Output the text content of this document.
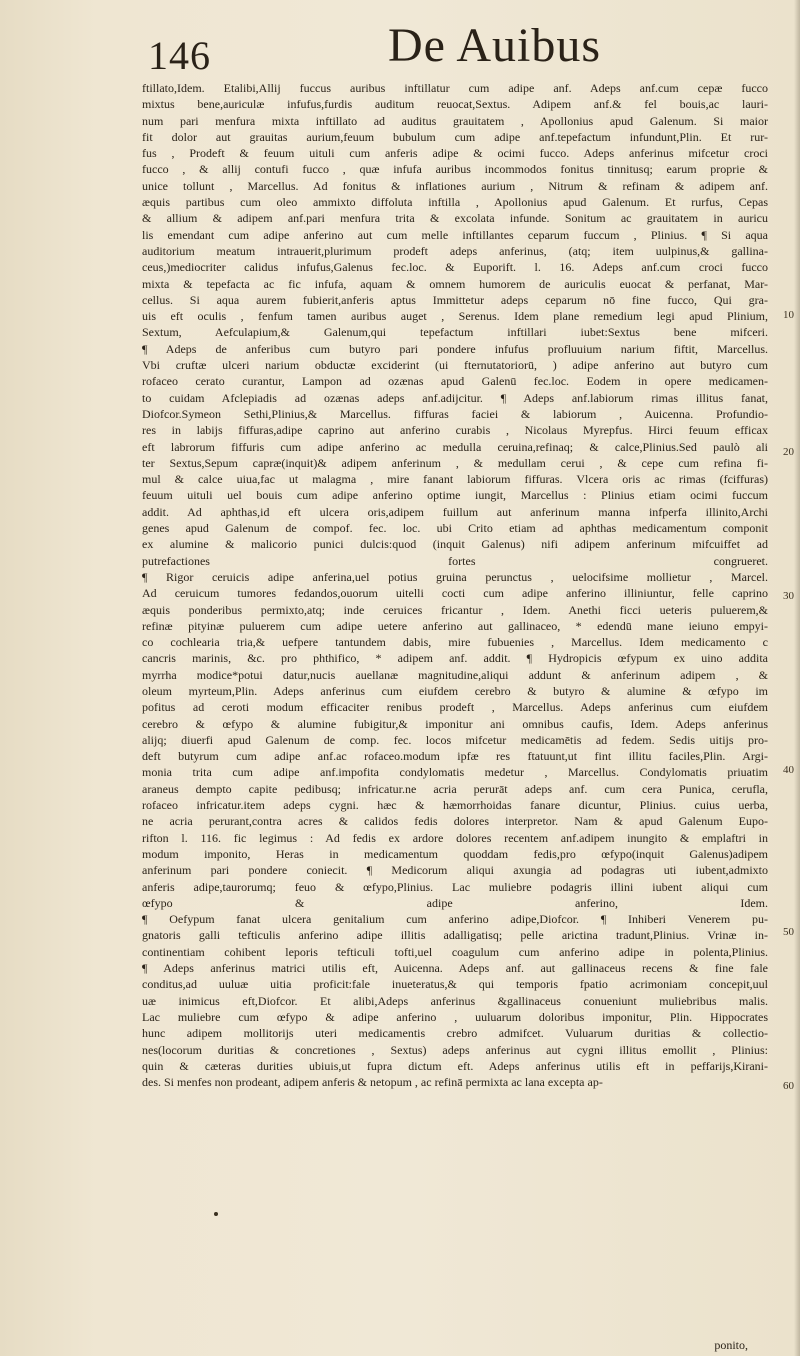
146	De Auibus
ftillato,Idem. Etalibi,Allij fuccus auribus inftillatur cum adipe anf. Adeps anf.cum cepæ fucco
mixtus bene,auriculæ infufus,furdis auditum reuocat,Sextus. Adipem anf.& fel bouis,ac lauri-
num pari menfura mixta inftillato ad auditus grauitatem , Apollonius apud Galenum. Si maior
fit dolor aut grauitas aurium,feuum bubulum cum adipe anf.tepefactum infundunt,Plin. Et rur-
fus , Prodeft & feuum uituli cum anferis adipe & ocimi fucco. Adeps anferinus mifcetur croci
fucco , & allij contufi fucco , quæ infufa auribus incommodos fonitus tinnitusq; earum proprie &
unice tollunt , Marcellus. Ad fonitus & inflationes aurium , Nitrum & refinam & adipem anf.
æquis partibus cum oleo ammixto diffoluta inftilla , Apollonius apud Galenum. Et rurfus, Cepas
& allium & adipem anf.pari menfura trita & excolata infunde. Sonitum ac grauitatem in auricu
lis emendant cum adipe anferino aut cum melle inftillantes ceparum fuccum , Plinius. ¶ Si aqua
auditorium meatum intrauerit,plurimum prodeft adeps anferinus, (atq; item uulpinus,& gallina-
ceus,)mediocriter calidus infufus,Galenus fec.loc. & Euporift. l. 16. Adeps anf.cum croci fucco
mixta & tepefacta ac fic infufa, aquam & omnem humorem de auriculis euocat & perfanat, Mar-
cellus. Si aqua aurem fubierit,anferis aptus Immittetur adeps ceparum nō fine fucco, Qui gra-
uis eft oculis , fenfum tamen auribus auget , Serenus. Idem plane remedium legi apud Plinium,
Sextum, Aefculapium,& Galenum,qui tepefactum inftillari iubet:Sextus bene mifceri.
¶ Adeps de anferibus cum butyro pari pondere infufus profluuium narium fiftit, Marcellus.
Vbi cruftæ ulceri narium obductæ exciderint (ui fternutatoriorū, ) adipe anferino aut butyro cum
rofaceo cerato curantur, Lampon ad ozænas apud Galenū fec.loc. Eodem in opere medicamen-
to cuidam Afclepiadis ad ozænas adeps anf.adijcitur. ¶ Adeps anf.labiorum rimas illitus fanat,
Diofcor.Symeon Sethi,Plinius,& Marcellus. fiffuras faciei & labiorum , Auicenna. Profundio-
res in labijs fiffuras,adipe caprino aut anferino curabis , Nicolaus Myrepfus. Hirci feuum efficax
eft labrorum fiffuris cum adipe anferino ac medulla ceruina,refinaq; & calce,Plinius.Sed paulò ali
ter Sextus,Sepum capræ(inquit)& adipem anferinum , & medullam cerui , & cepe cum refina fi-
mul & calce uiua,fac ut malagma , mire fanant labiorum fiffuras. Vlcera oris ac rimas (fciffuras)
feuum uituli uel bouis cum adipe anferino optime iungit, Marcellus : Plinius etiam ocimi fuccum
addit. Ad aphthas,id eft ulcera oris,adipem fuillum aut anferinum manna infperfa illinito,Archi
genes apud Galenum de compof. fec. loc. ubi Crito etiam ad aphthas medicamentum componit
ex alumine & malicorio punici dulcis:quod (inquit Galenus) nifi adipem anferinum mifcuiffet ad
putrefactiones fortes congrueret.
¶ Rigor ceruicis adipe anferina,uel potius gruina perunctus , uelocifsime mollietur , Marcel.
Ad ceruicum tumores fedandos,ouorum uitelli cocti cum adipe anferino illiniuntur, felle caprino
æquis ponderibus permixto,atq; inde ceruices fricantur , Idem. Anethi ficci ueteris puluerem,&
refinæ pityinæ puluerem cum adipe uetere anferino aut gallinaceo, * edendū mane ieiuno empyi-
co cochlearia tria,& uefpere tantundem dabis, mire fubuenies , Marcellus. Idem medicamento c
cancris marinis, &c. pro phthifico, * adipem anf. addit. ¶ Hydropicis œfypum ex uino addita
myrrha modice*potui datur,nucis auellanæ magnitudine,aliqui addunt & anferinum adipem , &
oleum myrteum,Plin. Adeps anferinus cum eiufdem cerebro & butyro & alumine & œfypo im
pofitus ad ceroti modum efficaciter renibus prodeft , Marcellus. Adeps anferinus cum eiufdem
cerebro & œfypo & alumine fubigitur,& imponitur ani omnibus caufis, Idem. Adeps anferinus
alijq; diuerfi apud Galenum de comp. fec. locos mifcetur medicamētis ad fedem. Sedis uitijs pro-
deft butyrum cum adipe anf.ac rofaceo.modum ipfæ res ftatuunt,ut fint illitu faciles,Plin. Argi-
monia trita cum adipe anf.impofita condylomatis medetur , Marcellus. Condylomatis priuatim
araneus dempto capite pedibusq; infricatur.ne acria perurāt adeps anf. cum cera Punica, cerufla,
rofaceo infricatur.item adeps cygni. hæc & hæmorrhoidas fanare dicuntur, Plinius. cuius uerba,
ne acria perurant,contra acres & calidos fedis dolores interpretor. Nam & apud Galenum Eupo-
rifton l. 116. fic legimus : Ad fedis ex ardore dolores recentem anf.adipem inungito & emplaftri in
modum imponito, Heras in medicamentum quoddam fedis,pro œfypo(inquit Galenus)adipem
anferinum pari pondere coniecit. ¶ Medicorum aliqui axungia ad podagras uti iubent,admixto
anferis adipe,taurorumq; feuo & œfypo,Plinius. Lac muliebre podagris illini iubent aliqui cum
œfypo & adipe anferino, Idem.
¶ Oefypum fanat ulcera genitalium cum anferino adipe,Diofcor. ¶ Inhiberi Venerem pu-
gnatoris galli tefticulis anferino adipe illitis adalligatisq; pelle arictina tradunt,Plinius. Vrinæ in-
continentiam cohibent leporis tefticuli tofti,uel coagulum cum anferino adipe in polenta,Plinius.
¶ Adeps anferinus matrici utilis eft, Auicenna. Adeps anf. aut gallinaceus recens & fine fale
conditus,ad uuluæ uitia proficit:fale inueteratus,& qui temporis fpatio acrimoniam concepit,uul
uæ inimicus eft,Diofcor. Et alibi,Adeps anferinus &gallinaceus conueniunt muliebribus malis.
Lac muliebre cum œfypo & adipe anferino , uuluarum doloribus imponitur, Plin. Hippocrates
hunc adipem mollitorijs uteri medicamentis crebro admifcet. Vuluarum duritias & collectio-
nes(locorum duritias & concretiones , Sextus) adeps anferinus aut cygni illitus emollit , Plinius:
quin & cæteras durities ubiuis,ut fupra dictum eft. Adeps anferinus utilis eft in peffarijs,Kirani-
des. Si menfes non prodeant, adipem anferis & netopum , ac refinā permixta ac lana excepta ap-
10
20
30
40
50
60
ponito,
